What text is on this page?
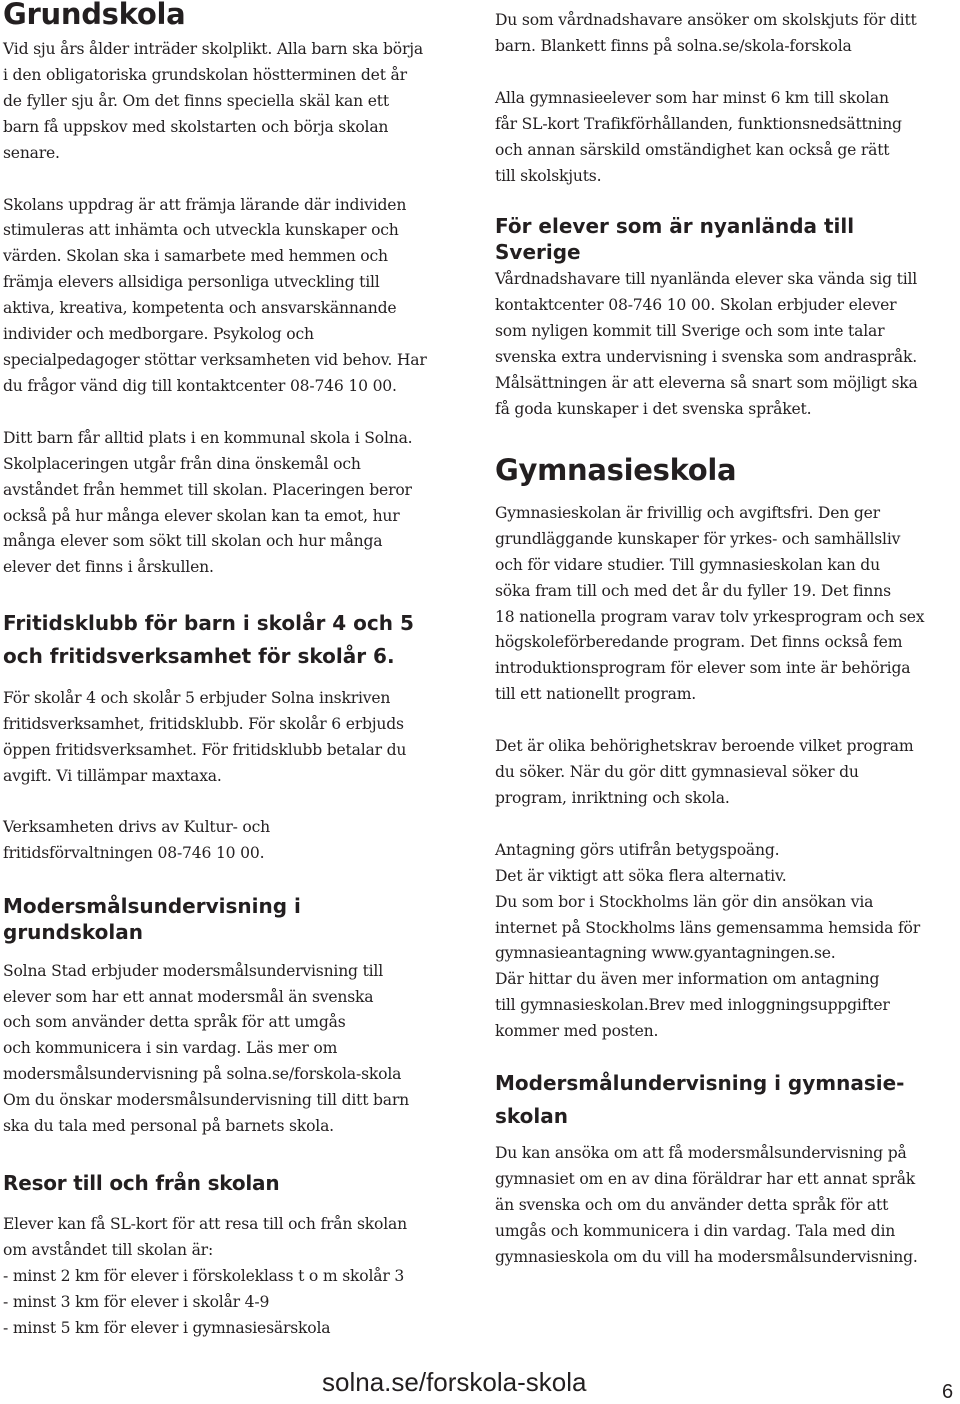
Grundskola

Vid sju års ålder inträder skolplikt. Alla barn ska börja
i den obligatoriska grundskolan höstterminen det år
de fyller sju år. Om det finns speciella skäl kan ett
barn få uppskov med skolstarten och börja skolan
senare.

Skolans uppdrag är att främja lärande där individen
stimuleras att inhämta och utveckla kunskaper och
värden. Skolan ska i samarbete med hemmen och
främja elevers allsidiga personliga utveckling till
aktiva, kreativa, kompetenta och ansvarskännande
individer och medborgare. Psykolog och
specialpedagoger stöttar verksamheten vid behov. Har
du frågor vänd dig till kontaktcenter 08-746 10 00.

Ditt barn får alltid plats i en kommunal skola i Solna.
Skolplaceringen utgår från dina önskemål och
avståndet från hemmet till skolan. Placeringen beror
också på hur många elever skolan kan ta emot, hur
många elever som sökt till skolan och hur många
elever det finns i årskullen.

Fritidsklubb för barn i skolår 4 och 5
och fritidsverksamhet för skolår 6.

För skolår 4 och skolår 5 erbjuder Solna inskriven
fritidsverksamhet, fritidsklubb. För skolår 6 erbjuds
öppen fritidsverksamhet. För fritidsklubb betalar du
avgift. Vi tillämpar maxtaxa.

Verksamheten drivs av Kultur- och
fritidsförvaltningen 08-746 10 00.

Modersmålsundervisning i
grundskolan

Solna Stad erbjuder modersmålsundervisning till
elever som har ett annat modersmål än svenska
och som använder detta språk för att umgås
och kommunicera i sin vardag. Läs mer om
modersmålsundervisning på solna.se/forskola-skola
Om du önskar modersmålsundervisning till ditt barn
ska du tala med personal på barnets skola.

Resor till och från skolan

Elever kan få SL-kort för att resa till och från skolan
om avståndet till skolan är:
- minst 2 km för elever i förskoleklass t o m skolår 3
- minst 3 km för elever i skolår 4-9
- minst 5 km för elever i gymnasiesärskola

Du som vårdnadshavare ansöker om skolskjuts för ditt
barn. Blankett finns på solna.se/skola-forskola

Alla gymnasieelever som har minst 6 km till skolan
får SL-kort Trafikförhållanden, funktionsnedsättning
och annan särskild omständighet kan också ge rätt
till skolskjuts.

För elever som är nyanlända till
Sverige

Vårdnadshavare till nyanlända elever ska vända sig till
kontaktcenter 08-746 10 00. Skolan erbjuder elever
som nyligen kommit till Sverige och som inte talar
svenska extra undervisning i svenska som andraspråk.
Målsättningen är att eleverna så snart som möjligt ska
få goda kunskaper i det svenska språket.

Gymnasieskola

Gymnasieskolan är frivillig och avgiftsfri. Den ger
grundläggande kunskaper för yrkes- och samhällsliv
och för vidare studier. Till gymnasieskolan kan du
söka fram till och med det år du fyller 19. Det finns
18 nationella program varav tolv yrkesprogram och sex
högskoleförberedande program. Det finns också fem
introduktionsprogram för elever som inte är behöriga
till ett nationellt program.

Det är olika behörighetskrav beroende vilket program
du söker. När du gör ditt gymnasieval söker du
program, inriktning och skola.

Antagning görs utifrån betygspoäng.
Det är viktigt att söka flera alternativ.
Du som bor i Stockholms län gör din ansökan via
internet på Stockholms läns gemensamma hemsida för
gymnasieantagning www.gyantagningen.se.
Där hittar du även mer information om antagning
till gymnasieskolan.Brev med inloggningsuppgifter
kommer med posten.

Modersmålundervisning i gymnasie-
skolan

Du kan ansöka om att få modersmålsundervisning på
gymnasiet om en av dina föräldrar har ett annat språk
än svenska och om du använder detta språk för att
umgås och kommunicera i din vardag. Tala med din
gymnasieskola om du vill ha modersmålsundervisning.

solna.se/forskola-skola	6
